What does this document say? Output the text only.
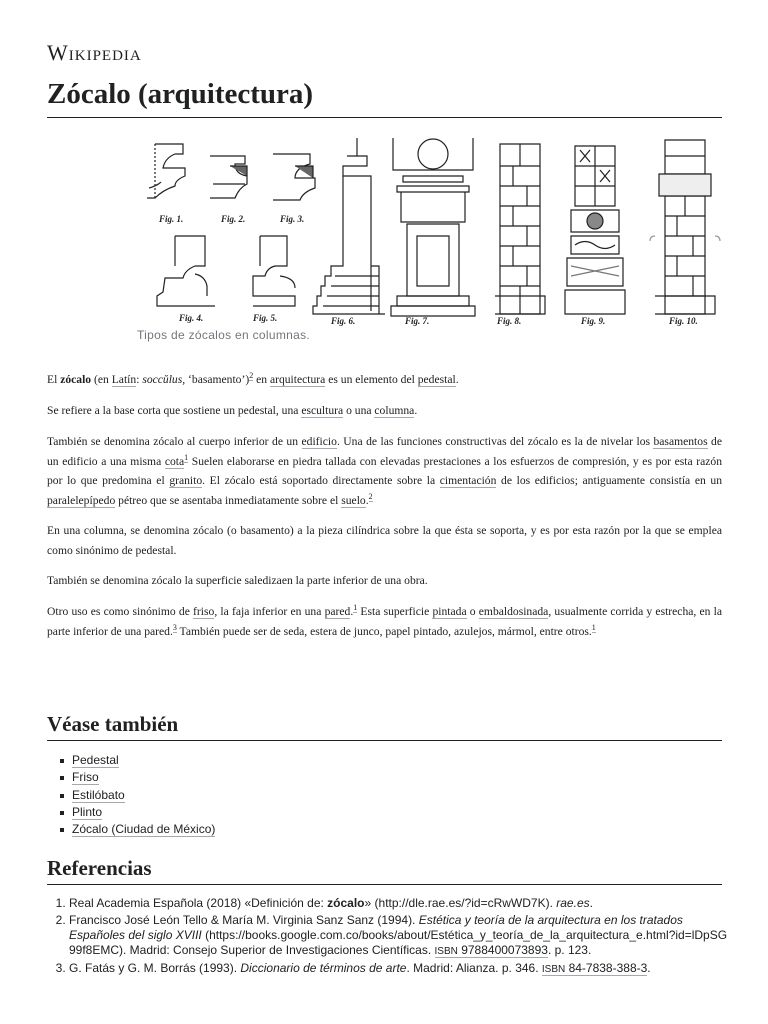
Wikipedia
Zócalo (arquitectura)
Fig. 1.	Fig. 2.	Fig. 3.
Fig. 4.	Fig. 5.	Fig. 6.	Fig. 7.	Fig. 8.	Fig. 9.	Fig. 10.
Tipos de zócalos en columnas.
El zócalo (en Latín: soccŭlus, ‘basamento’)$^2$ en arquitectura es un elemento del pedestal.
Se refiere a la base corta que sostiene un pedestal, una escultura o una columna.
También se denomina zócalo al cuerpo inferior de un edificio. Una de las funciones constructivas del zócalo es la de nivelar los basamentos de un edificio a una misma cota$^1$ Suelen elaborarse en piedra tallada con elevadas prestaciones a los esfuerzos de compresión, y es por esta razón por lo que predomina el granito. El zócalo está soportado directamente sobre la cimentación de los edificios; antiguamente consistía en un paralelepípedo pétreo que se asentaba inmediatamente sobre el suelo.$^2$
En una columna, se denomina zócalo (o basamento) a la pieza cilíndrica sobre la que ésta se soporta, y es por esta razón por la que se emplea como sinónimo de pedestal.
También se denomina zócalo la superficie saledizaen la parte inferior de una obra.
Otro uso es como sinónimo de friso, la faja inferior en una pared.$^1$ Esta superficie pintada o embaldosinada, usualmente corrida y estrecha, en la parte inferior de una pared.$^3$ También puede ser de seda, estera de junco, papel pintado, azulejos, mármol, entre otros.$^1$
Véase también
Pedestal
Friso
Estilóbato
Plinto
Zócalo (Ciudad de México)
Referencias
1. Real Academia Española (2018) «Definición de: zócalo» (http://dle.rae.es/?id=cRwWD7K). rae.es.
2. Francisco José León Tello & María M. Virginia Sanz Sanz (1994). Estética y teoría de la arquitectura en los tratados Españoles del siglo XVIII (https://books.google.com.co/books/about/Estética_y_teoría_de_la_arquitectura_e.html?id=lDpSG99f8EMC). Madrid: Consejo Superior de Investigaciones Científicas. ISBN 9788400073893. p. 123.
3. G. Fatás y G. M. Borrás (1993). Diccionario de términos de arte. Madrid: Alianza. p. 346. ISBN 84-7838-388-3.
